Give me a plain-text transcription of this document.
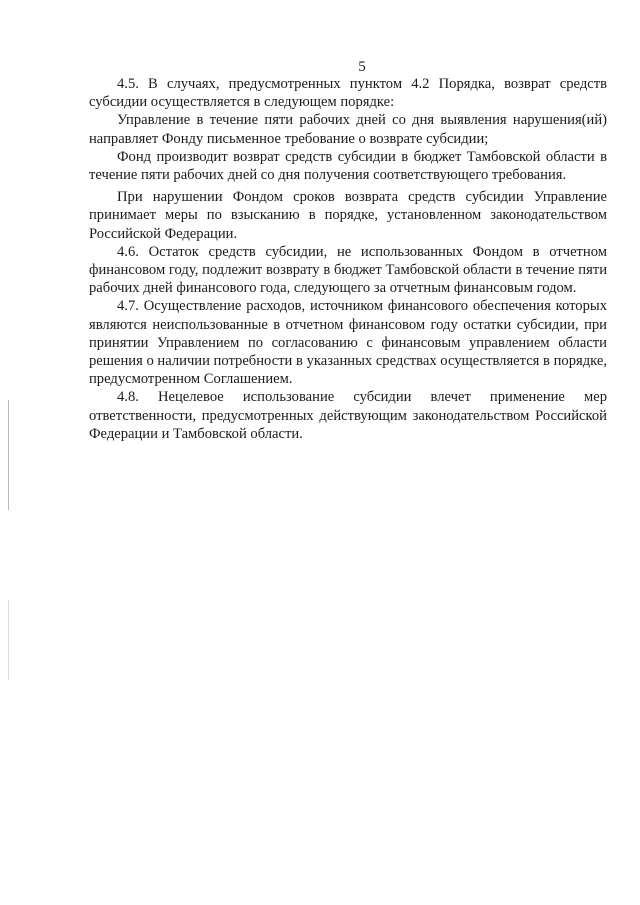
5

4.5. В случаях, предусмотренных пунктом 4.2 Порядка, возврат средств субсидии осуществляется в следующем порядке:

Управление в течение пяти рабочих дней со дня выявления нарушения(ий) направляет Фонду письменное требование о возврате субсидии;

Фонд производит возврат средств субсидии в бюджет Тамбовской области в течение пяти рабочих дней со дня получения соответствующего требования.

При нарушении Фондом сроков возврата средств субсидии Управление принимает меры по взысканию в порядке, установленном законодательством Российской Федерации.

4.6. Остаток средств субсидии, не использованных Фондом в отчетном финансовом году, подлежит возврату в бюджет Тамбовской области в течение пяти рабочих дней финансового года, следующего за отчетным финансовым годом.

4.7. Осуществление расходов, источником финансового обеспечения которых являются неиспользованные в отчетном финансовом году остатки субсидии, при принятии Управлением по согласованию с финансовым управлением области решения о наличии потребности в указанных средствах осуществляется в порядке, предусмотренном Соглашением.

4.8. Нецелевое использование субсидии влечет применение мер ответственности, предусмотренных действующим законодательством Российской Федерации и Тамбовской области.
